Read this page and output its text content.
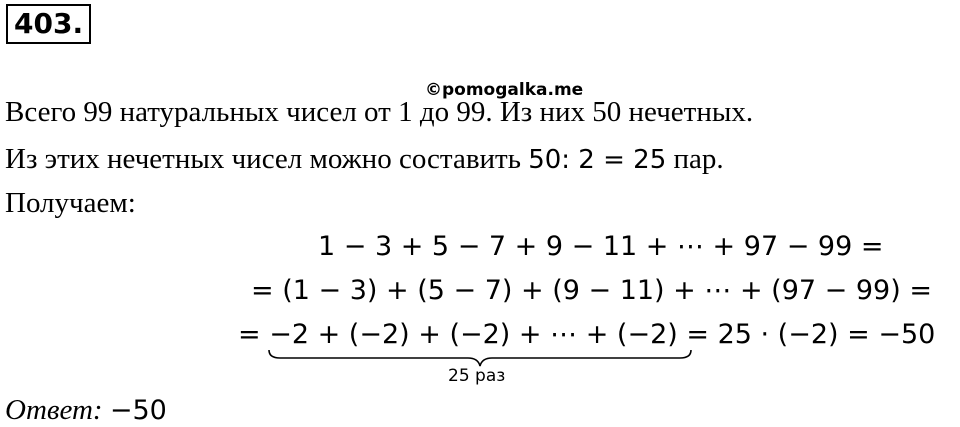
403.
©pomogalka.me
Всего 99 натуральных чисел от 1 до 99. Из них 50 нечетных.
Из этих нечетных чисел можно составить 50: 2 = 25 пар.
Получаем:
1 − 3 + 5 − 7 + 9 − 11 + ⋯ + 97 − 99 =
= (1 − 3) + (5 − 7) + (9 − 11) + ⋯ + (97 − 99) =
= −2 + (−2) + (−2) + ⋯ + (−2) = 25 · (−2) = −50
25 раз
Ответ: −50
